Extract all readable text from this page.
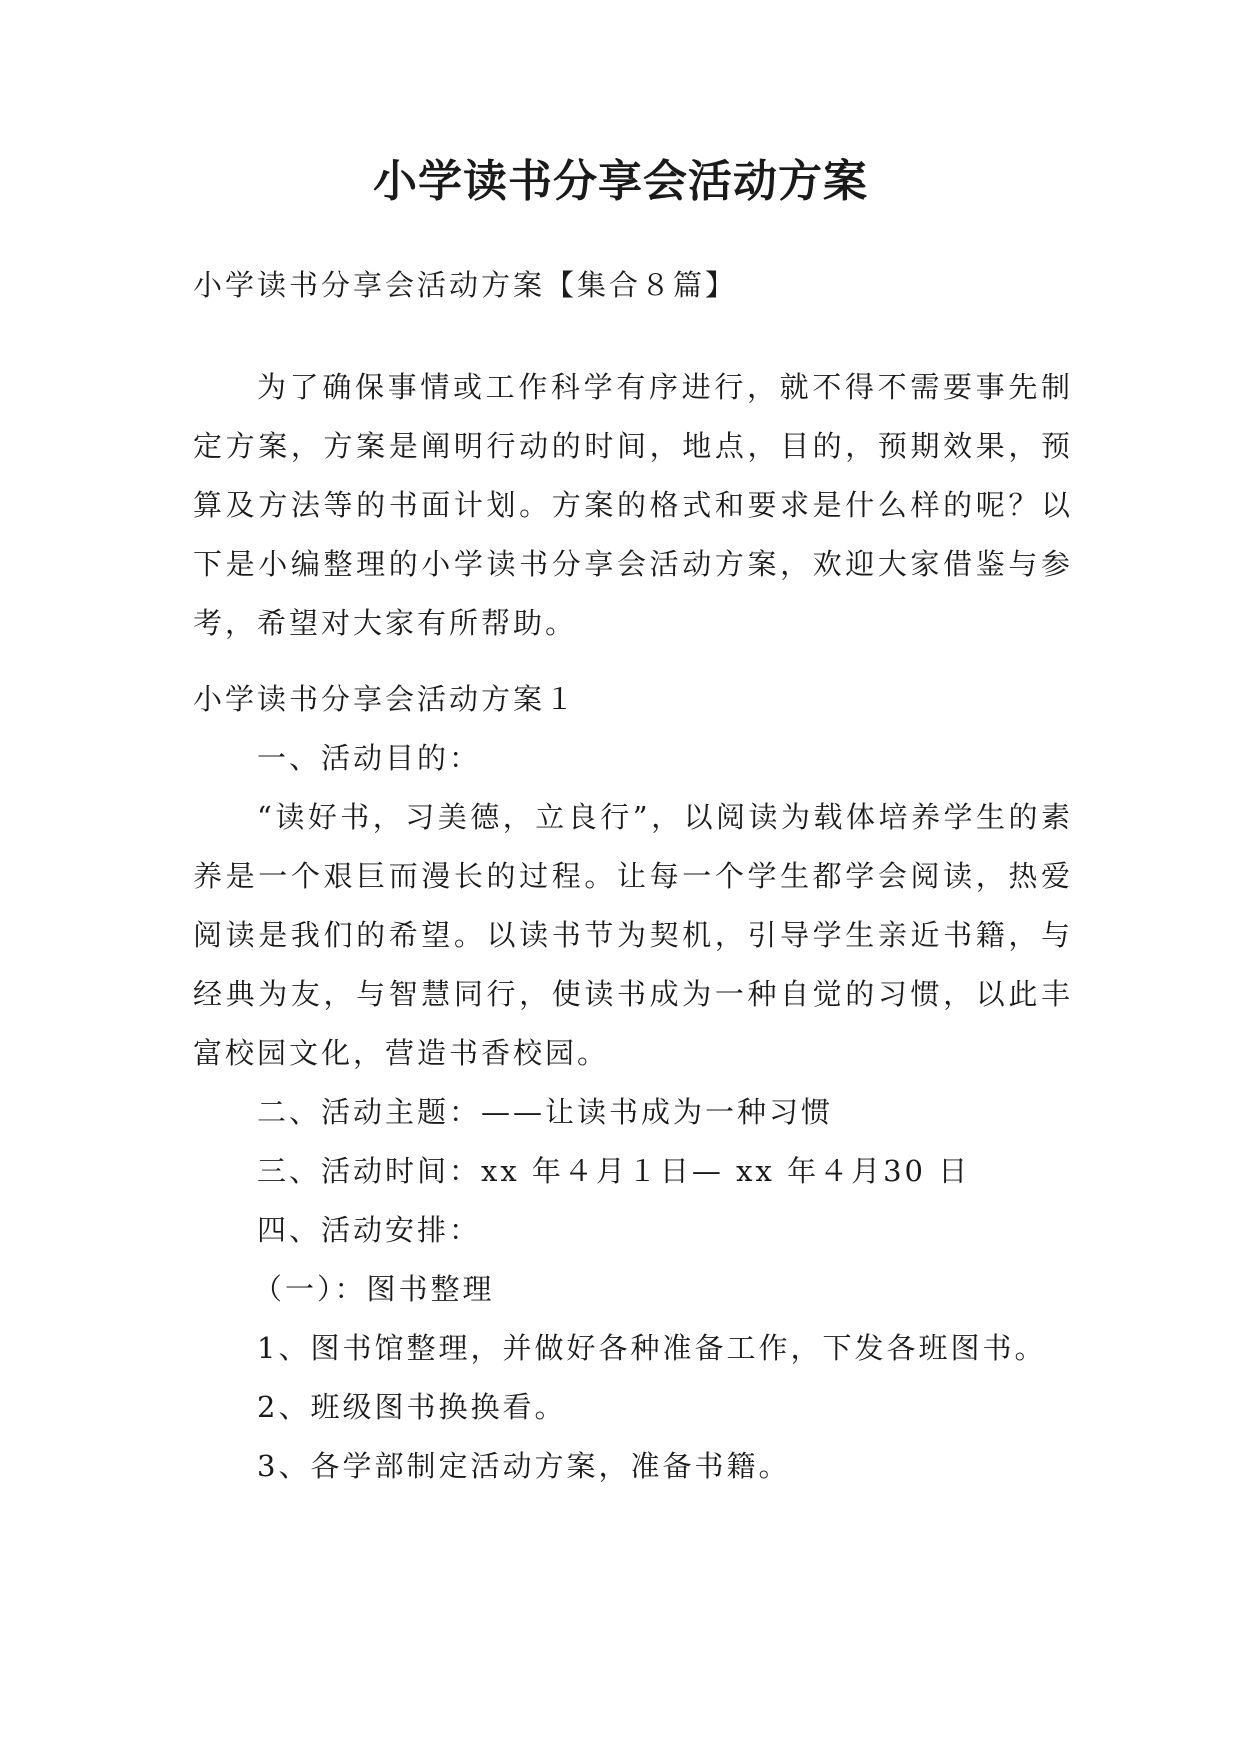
小学读书分享会活动方案
小学读书分享会活动方案【集合８篇】
为了确保事情或工作科学有序进行，就不得不需要事先制定方案，方案是阐明行动的时间，地点，目的，预期效果，预算及方法等的书面计划。方案的格式和要求是什么样的呢？以下是小编整理的小学读书分享会活动方案，欢迎大家借鉴与参考，希望对大家有所帮助。
小学读书分享会活动方案１
一、活动目的：
“读好书，习美德，立良行”，以阅读为载体培养学生的素养是一个艰巨而漫长的过程。让每一个学生都学会阅读，热爱阅读是我们的希望。以读书节为契机，引导学生亲近书籍，与经典为友，与智慧同行，使读书成为一种自觉的习惯，以此丰富校园文化，营造书香校园。
二、活动主题：——让读书成为一种习惯
三、活动时间：xx 年４月１日— xx 年４月30 日
四、活动安排：
（一）：图书整理
1、图书馆整理，并做好各种准备工作，下发各班图书。
2、班级图书换换看。
3、各学部制定活动方案，准备书籍。
